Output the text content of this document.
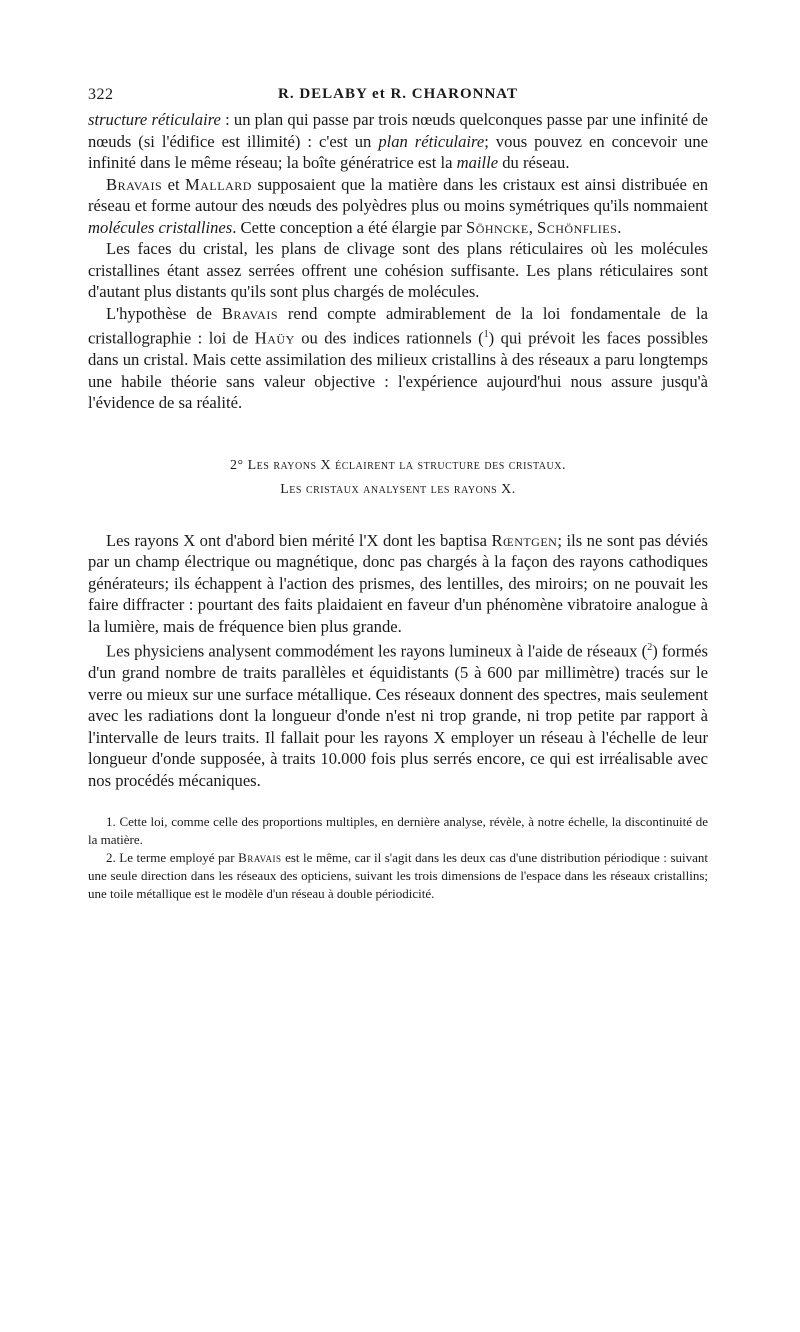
322	R. DELABY et R. CHARONNAT

structure réticulaire : un plan qui passe par trois nœuds quelconques passe par une infinité de nœuds (si l'édifice est illimité) : c'est un plan réticulaire; vous pouvez en concevoir une infinité dans le même réseau; la boîte génératrice est la maille du réseau.

Bravais et Mallard supposaient que la matière dans les cristaux est ainsi distribuée en réseau et forme autour des nœuds des polyèdres plus ou moins symétriques qu'ils nommaient molécules cristallines. Cette conception a été élargie par Söhncke, Schönflies.

Les faces du cristal, les plans de clivage sont des plans réticulaires où les molécules cristallines étant assez serrées offrent une cohésion suffisante. Les plans réticulaires sont d'autant plus distants qu'ils sont plus chargés de molécules.

L'hypothèse de Bravais rend compte admirablement de la loi fondamentale de la cristallographie : loi de Haüy ou des indices rationnels ($^1$) qui prévoit les faces possibles dans un cristal. Mais cette assimilation des milieux cristallins à des réseaux a paru longtemps une habile théorie sans valeur objective : l'expérience aujourd'hui nous assure jusqu'à l'évidence de sa réalité.

2° Les rayons X éclairent la structure des cristaux.
Les cristaux analysent les rayons X.

Les rayons X ont d'abord bien mérité l'X dont les baptisa Rœntgen; ils ne sont pas déviés par un champ électrique ou magnétique, donc pas chargés à la façon des rayons cathodiques générateurs; ils échappent à l'action des prismes, des lentilles, des miroirs; on ne pouvait les faire diffracter : pourtant des faits plaidaient en faveur d'un phénomène vibratoire analogue à la lumière, mais de fréquence bien plus grande.

Les physiciens analysent commodément les rayons lumineux à l'aide de réseaux ($^2$) formés d'un grand nombre de traits parallèles et équidistants (5 à 600 par millimètre) tracés sur le verre ou mieux sur une surface métallique. Ces réseaux donnent des spectres, mais seulement avec les radiations dont la longueur d'onde n'est ni trop grande, ni trop petite par rapport à l'intervalle de leurs traits. Il fallait pour les rayons X employer un réseau à l'échelle de leur longueur d'onde supposée, à traits 10.000 fois plus serrés encore, ce qui est irréalisable avec nos procédés mécaniques.

1. Cette loi, comme celle des proportions multiples, en dernière analyse, révèle, à notre échelle, la discontinuité de la matière.

2. Le terme employé par Bravais est le même, car il s'agit dans les deux cas d'une distribution périodique : suivant une seule direction dans les réseaux des opticiens, suivant les trois dimensions de l'espace dans les réseaux cristallins; une toile métallique est le modèle d'un réseau à double périodicité.
